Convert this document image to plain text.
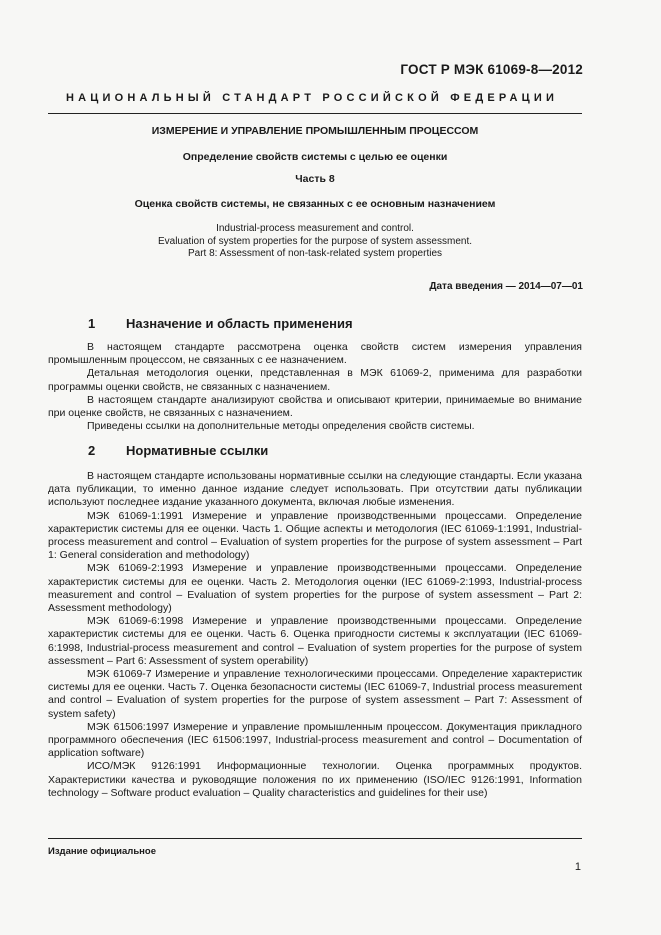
ГОСТ Р МЭК 61069-8—2012
НАЦИОНАЛЬНЫЙ СТАНДАРТ РОССИЙСКОЙ ФЕДЕРАЦИИ
ИЗМЕРЕНИЕ И УПРАВЛЕНИЕ ПРОМЫШЛЕННЫМ ПРОЦЕССОМ
Определение свойств системы с целью ее оценки
Часть 8
Оценка свойств системы, не связанных с ее основным назначением
Industrial-process measurement and control.
Evaluation of system properties for the purpose of system assessment.
Part 8: Assessment of non-task-related system properties
Дата введения — 2014—07—01
1	Назначение и область применения

В настоящем стандарте рассмотрена оценка свойств систем измерения управления промышленным процессом, не связанных с ее назначением.

Детальная методология оценки, представленная в МЭК 61069-2, применима для разработки программы оценки свойств, не связанных с назначением.

В настоящем стандарте анализируют свойства и описывают критерии, принимаемые во внимание при оценке свойств, не связанных с назначением.

Приведены ссылки на дополнительные методы определения свойств системы.

2	Нормативные ссылки

В настоящем стандарте использованы нормативные ссылки на следующие стандарты. Если указана дата публикации, то именно данное издание следует использовать. При отсутствии даты публикации используют последнее издание указанного документа, включая любые изменения.

МЭК 61069-1:1991 Измерение и управление производственными процессами. Определение характеристик системы для ее оценки. Часть 1. Общие аспекты и методология (IEC 61069-1:1991, Industrial-process measurement and control – Evaluation of system properties for the purpose of system assessment – Part 1: General consideration and methodology)

МЭК 61069-2:1993 Измерение и управление производственными процессами. Определение характеристик системы для ее оценки. Часть 2. Методология оценки (IEC 61069-2:1993, Industrial-process measurement and control – Evaluation of system properties for the purpose of system assessment – Part 2: Assessment methodology)

МЭК 61069-6:1998 Измерение и управление производственными процессами. Определение характеристик системы для ее оценки. Часть 6. Оценка пригодности системы к эксплуатации (IEC 61069-6:1998, Industrial-process measurement and control – Evaluation of system properties for the purpose of system assessment – Part 6: Assessment of system operability)

МЭК 61069-7 Измерение и управление технологическими процессами. Определение характеристик системы для ее оценки. Часть 7. Оценка безопасности системы (IEC 61069-7, Industrial process measurement and control – Evaluation of system properties for the purpose of system assessment – Part 7: Assessment of system safety)

МЭК 61506:1997 Измерение и управление промышленным процессом. Документация прикладного программного обеспечения (IEC 61506:1997, Industrial-process measurement and control – Documentation of application software)

ИСО/МЭК 9126:1991 Информационные технологии. Оценка программных продуктов. Характеристики качества и руководящие положения по их применению (ISO/IEC 9126:1991, Information technology – Software product evaluation – Quality characteristics and guidelines for their use)

Издание официальное
1
